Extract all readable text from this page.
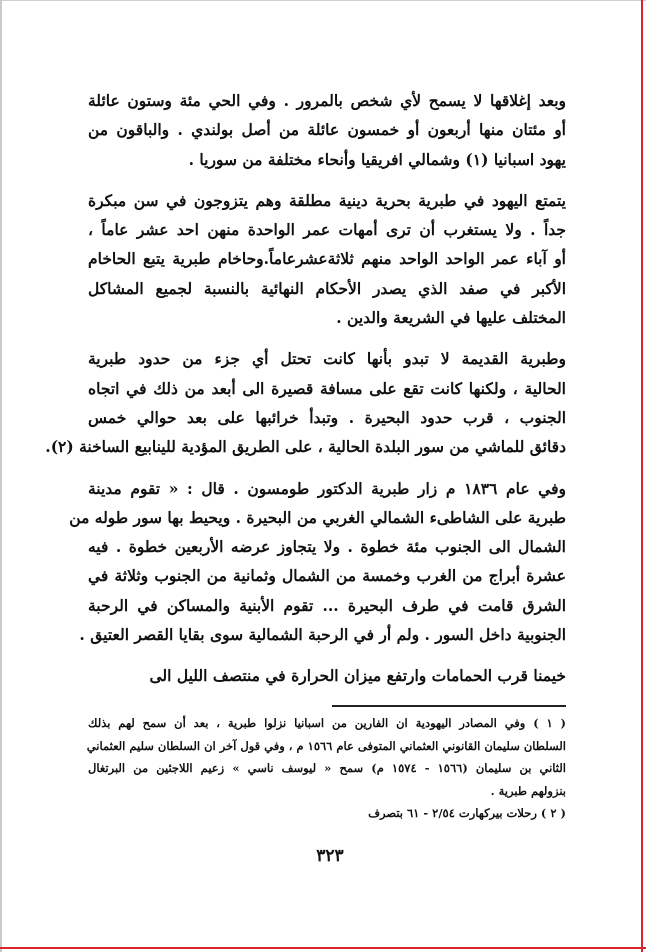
وبعد إغلاقها لا يسمح لأي شخص بالمرور . وفي الحي مئة وستون عائلة
أو مئتان منها أربعون أو خمسون عائلة من أصل بولندي . والباقون من
يهود اسبانيا (١) وشمالي افريقيا وأنحاء مختلفة من سوريا .
يتمتع اليهود في طبرية بحرية دينية مطلقة وهم يتزوجون في سن مبكرة
جداً . ولا يستغرب أن ترى أمهات عمر الواحدة منهن احد عشر عاماً ،
أو آباء عمر الواحد الواحد منهم ثلاثةعشرعاماً.وحاخام طبرية يتبع الحاخام
الأكبر في صفد الذي يصدر الأحكام النهائية بالنسبة لجميع المشاكل
المختلف عليها في الشريعة والدين .
وطبرية القديمة لا تبدو بأنها كانت تحتل أي جزء من حدود طبرية
الحالية ، ولكنها كانت تقع على مسافة قصيرة الى أبعد من ذلك في اتجاه
الجنوب ، قرب حدود البحيرة . وتبدأ خرائبها على بعد حوالي خمس
دقائق للماشي من سور البلدة الحالية ، على الطريق المؤدية للينابيع الساخنة (٢).
وفي عام ١٨٣٦ م زار طبرية الدكتور طومسون . قال : « تقوم مدينة
طبرية على الشاطىء الشمالي الغربي من البحيرة . ويحيط بها سور طوله من
الشمال الى الجنوب مئة خطوة . ولا يتجاوز عرضه الأربعين خطوة . فيه
عشرة أبراج من الغرب وخمسة من الشمال وثمانية من الجنوب وثلاثة في
الشرق قامت في طرف البحيرة ... تقوم الأبنية والمساكن في الرحبة
الجنوبية داخل السور . ولم أر في الرحبة الشمالية سوى بقايا القصر العتيق .
خيمنا قرب الحمامات وارتفع ميزان الحرارة في منتصف الليل الى
( ١ ) وفي المصادر اليهودية ان الفارين من اسبانيا نزلوا طبرية ، بعد أن سمح لهم بذلك
السلطان سليمان القانوني العثماني المتوفى عام ١٥٦٦ م ، وفي قول آخر ان السلطان سليم العثماني
الثاني بن سليمان (١٥٦٦ - ١٥٧٤ م) سمح « ليوسف ناسي » زعيم اللاجئين من البرتغال
بنزولهم طبرية .
( ٢ ) رحلات بيركهارت ٢/٥٤ - ٦١ بتصرف
٣٢٣
